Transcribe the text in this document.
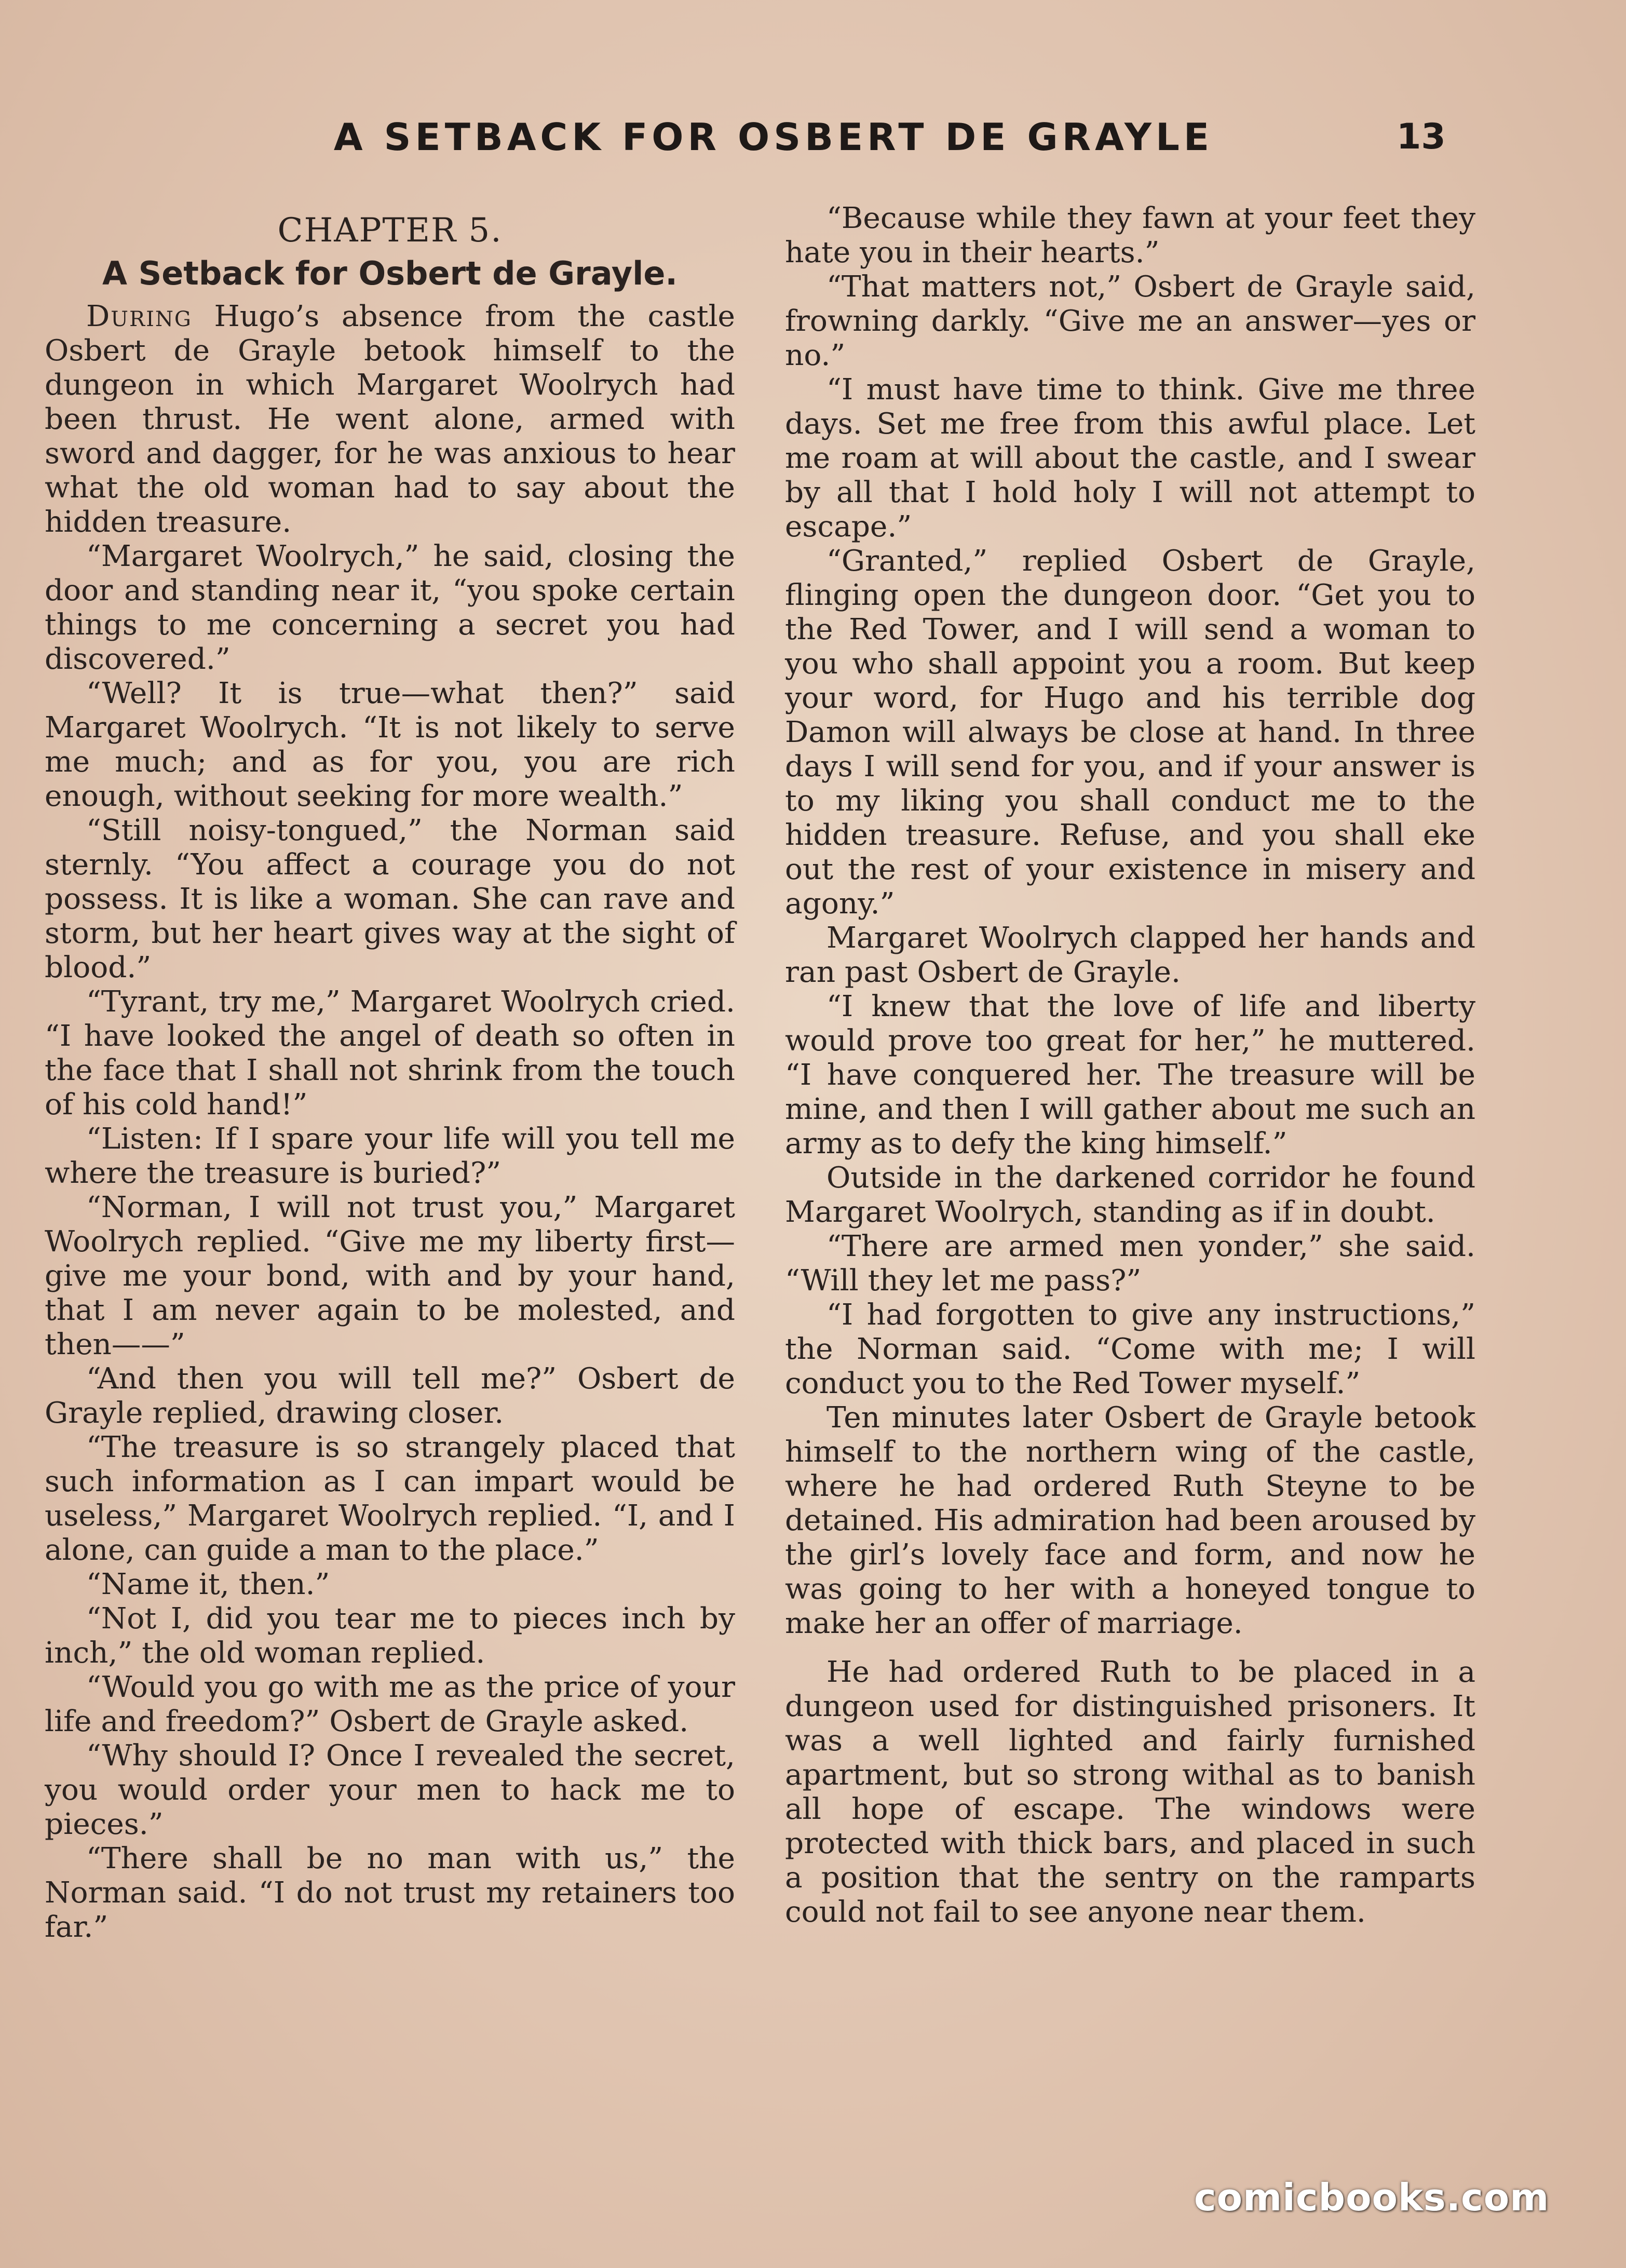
A SETBACK FOR OSBERT DE GRAYLE	13
CHAPTER 5.
A Setback for Osbert de Grayle.

During Hugo’s absence from the castle Osbert de Grayle betook himself to the dungeon in which Margaret Woolrych had been thrust. He went alone, armed with sword and dagger, for he was anxious to hear what the old woman had to say about the hidden treasure.

“Margaret Woolrych,” he said, closing the door and standing near it, “you spoke certain things to me concerning a secret you had discovered.”

“Well? It is true—what then?” said Margaret Woolrych. “It is not likely to serve me much; and as for you, you are rich enough, without seeking for more wealth.”

“Still noisy-tongued,” the Norman said sternly. “You affect a courage you do not possess. It is like a woman. She can rave and storm, but her heart gives way at the sight of blood.”

“Tyrant, try me,” Margaret Woolrych cried. “I have looked the angel of death so often in the face that I shall not shrink from the touch of his cold hand!”

“Listen: If I spare your life will you tell me where the treasure is buried?”

“Norman, I will not trust you,” Margaret Woolrych replied. “Give me my liberty first—give me your bond, with and by your hand, that I am never again to be molested, and then——”

“And then you will tell me?” Osbert de Grayle replied, drawing closer.

“The treasure is so strangely placed that such information as I can impart would be useless,” Margaret Woolrych replied. “I, and I alone, can guide a man to the place.”

“Name it, then.”

“Not I, did you tear me to pieces inch by inch,” the old woman replied.

“Would you go with me as the price of your life and freedom?” Osbert de Grayle asked.

“Why should I? Once I revealed the secret, you would order your men to hack me to pieces.”

“There shall be no man with us,” the Norman said. “I do not trust my retainers too far.”

“Because while they fawn at your feet they hate you in their hearts.”

“That matters not,” Osbert de Grayle said, frowning darkly. “Give me an answer—yes or no.”

“I must have time to think. Give me three days. Set me free from this awful place. Let me roam at will about the castle, and I swear by all that I hold holy I will not attempt to escape.”

“Granted,” replied Osbert de Grayle, flinging open the dungeon door. “Get you to the Red Tower, and I will send a woman to you who shall appoint you a room. But keep your word, for Hugo and his terrible dog Damon will always be close at hand. In three days I will send for you, and if your answer is to my liking you shall conduct me to the hidden treasure. Refuse, and you shall eke out the rest of your existence in misery and agony.”

Margaret Woolrych clapped her hands and ran past Osbert de Grayle.

“I knew that the love of life and liberty would prove too great for her,” he muttered. “I have conquered her. The treasure will be mine, and then I will gather about me such an army as to defy the king himself.”

Outside in the darkened corridor he found Margaret Woolrych, standing as if in doubt.

“There are armed men yonder,” she said. “Will they let me pass?”

“I had forgotten to give any instructions,” the Norman said. “Come with me; I will conduct you to the Red Tower myself.”

Ten minutes later Osbert de Grayle betook himself to the northern wing of the castle, where he had ordered Ruth Steyne to be detained. His admiration had been aroused by the girl’s lovely face and form, and now he was going to her with a honeyed tongue to make her an offer of marriage.

He had ordered Ruth to be placed in a dungeon used for distinguished prisoners. It was a well lighted and fairly furnished apartment, but so strong withal as to banish all hope of escape. The windows were protected with thick bars, and placed in such a position that the sentry on the ramparts could not fail to see anyone near them.

comicbooks.com
